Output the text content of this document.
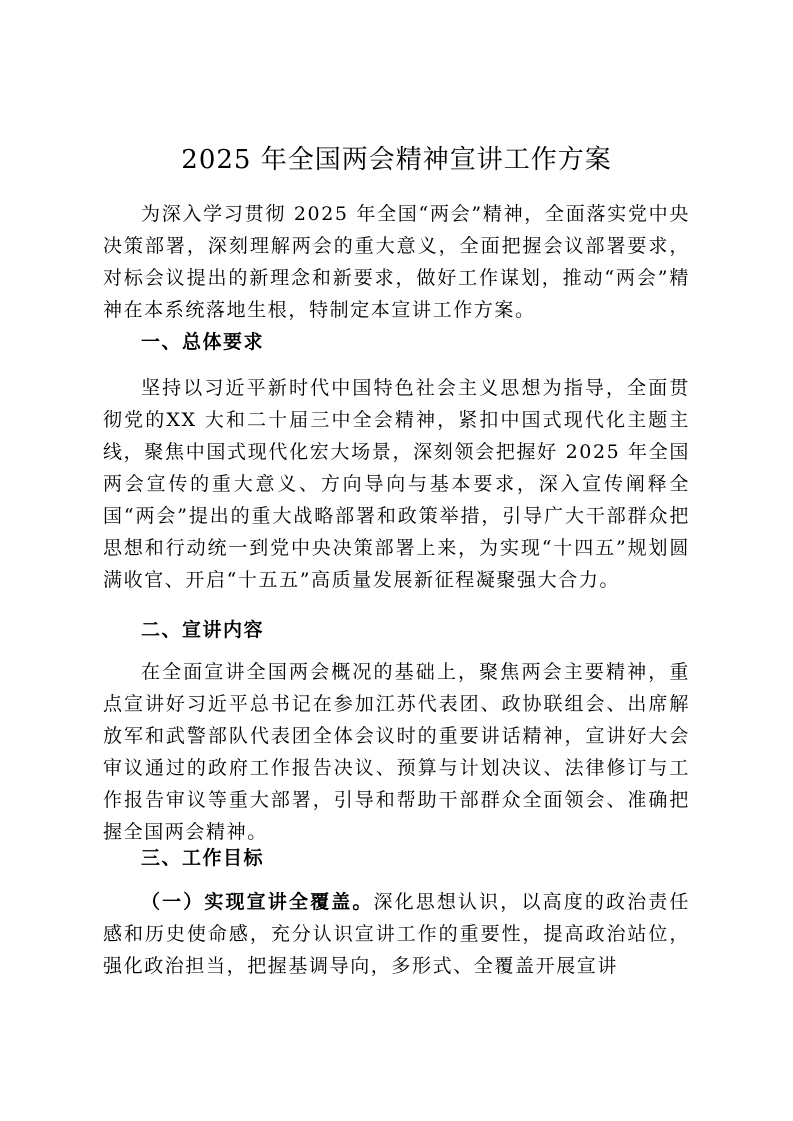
2025 年全国两会精神宣讲工作方案

为深入学习贯彻 2025 年全国“两会”精神，全面落实党中央决策部署，深刻理解两会的重大意义，全面把握会议部署要求，对标会议提出的新理念和新要求，做好工作谋划，推动“两会”精神在本系统落地生根，特制定本宣讲工作方案。

一、总体要求

坚持以习近平新时代中国特色社会主义思想为指导，全面贯彻党的XX 大和二十届三中全会精神，紧扣中国式现代化主题主线，聚焦中国式现代化宏大场景，深刻领会把握好 2025 年全国两会宣传的重大意义、方向导向与基本要求，深入宣传阐释全国“两会”提出的重大战略部署和政策举措，引导广大干部群众把思想和行动统一到党中央决策部署上来，为实现“十四五”规划圆满收官、开启“十五五”高质量发展新征程凝聚强大合力。

二、宣讲内容

在全面宣讲全国两会概况的基础上，聚焦两会主要精神，重点宣讲好习近平总书记在参加江苏代表团、政协联组会、出席解放军和武警部队代表团全体会议时的重要讲话精神，宣讲好大会审议通过的政府工作报告决议、预算与计划决议、法律修订与工作报告审议等重大部署，引导和帮助干部群众全面领会、准确把握全国两会精神。

三、工作目标

（一）实现宣讲全覆盖。深化思想认识，以高度的政治责任感和历史使命感，充分认识宣讲工作的重要性，提高政治站位，强化政治担当，把握基调导向，多形式、全覆盖开展宣讲
